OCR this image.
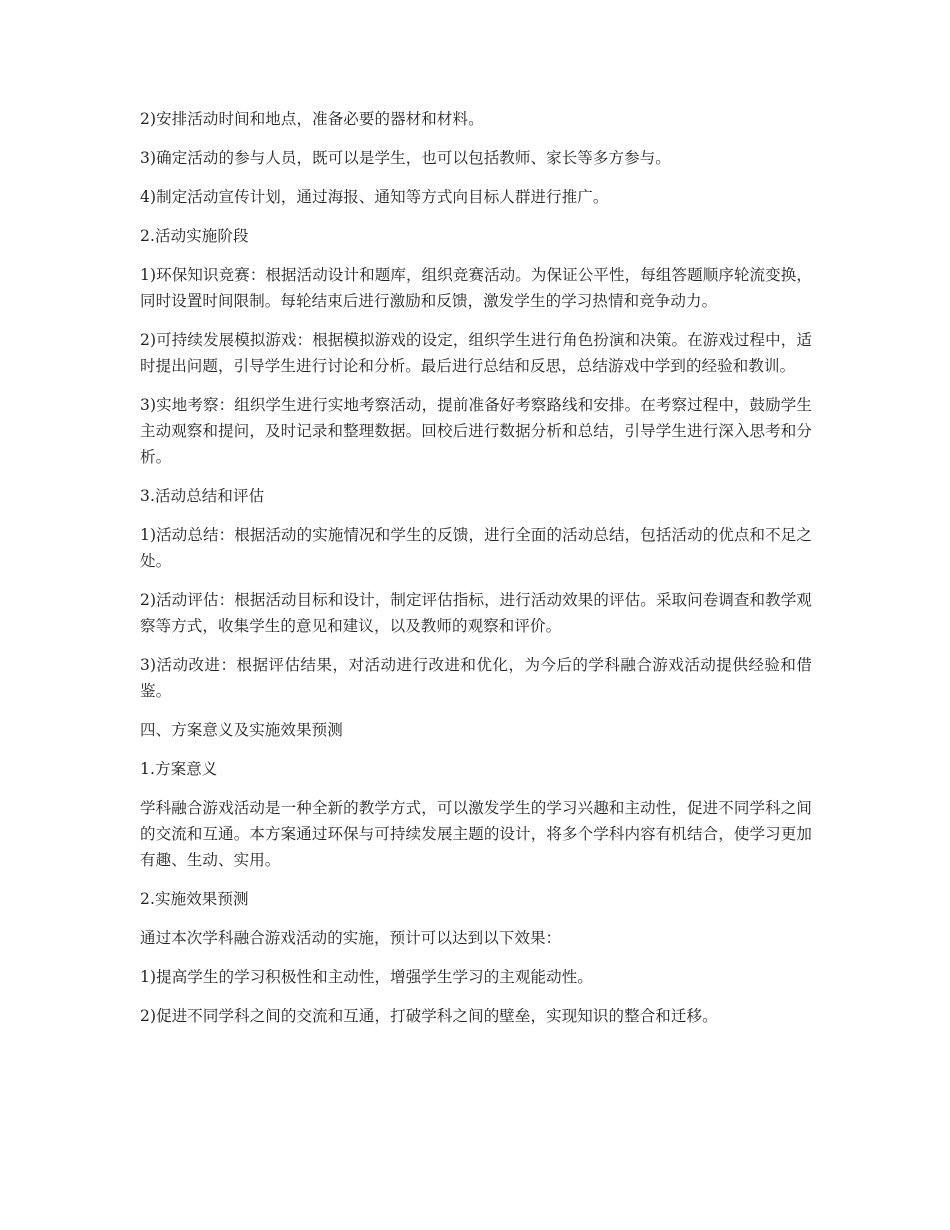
2)安排活动时间和地点，准备必要的器材和材料。

3)确定活动的参与人员，既可以是学生，也可以包括教师、家长等多方参与。

4)制定活动宣传计划，通过海报、通知等方式向目标人群进行推广。

2.活动实施阶段

1)环保知识竞赛：根据活动设计和题库，组织竞赛活动。为保证公平性，每组答题顺序轮流变换，同时设置时间限制。每轮结束后进行激励和反馈，激发学生的学习热情和竞争动力。

2)可持续发展模拟游戏：根据模拟游戏的设定，组织学生进行角色扮演和决策。在游戏过程中，适时提出问题，引导学生进行讨论和分析。最后进行总结和反思，总结游戏中学到的经验和教训。

3)实地考察：组织学生进行实地考察活动，提前准备好考察路线和安排。在考察过程中，鼓励学生主动观察和提问，及时记录和整理数据。回校后进行数据分析和总结，引导学生进行深入思考和分析。

3.活动总结和评估

1)活动总结：根据活动的实施情况和学生的反馈，进行全面的活动总结，包括活动的优点和不足之处。

2)活动评估：根据活动目标和设计，制定评估指标，进行活动效果的评估。采取问卷调查和教学观察等方式，收集学生的意见和建议，以及教师的观察和评价。

3)活动改进：根据评估结果，对活动进行改进和优化，为今后的学科融合游戏活动提供经验和借鉴。

四、方案意义及实施效果预测

1.方案意义

学科融合游戏活动是一种全新的教学方式，可以激发学生的学习兴趣和主动性，促进不同学科之间的交流和互通。本方案通过环保与可持续发展主题的设计，将多个学科内容有机结合，使学习更加有趣、生动、实用。

2.实施效果预测

通过本次学科融合游戏活动的实施，预计可以达到以下效果：

1)提高学生的学习积极性和主动性，增强学生学习的主观能动性。

2)促进不同学科之间的交流和互通，打破学科之间的壁垒，实现知识的整合和迁移。
